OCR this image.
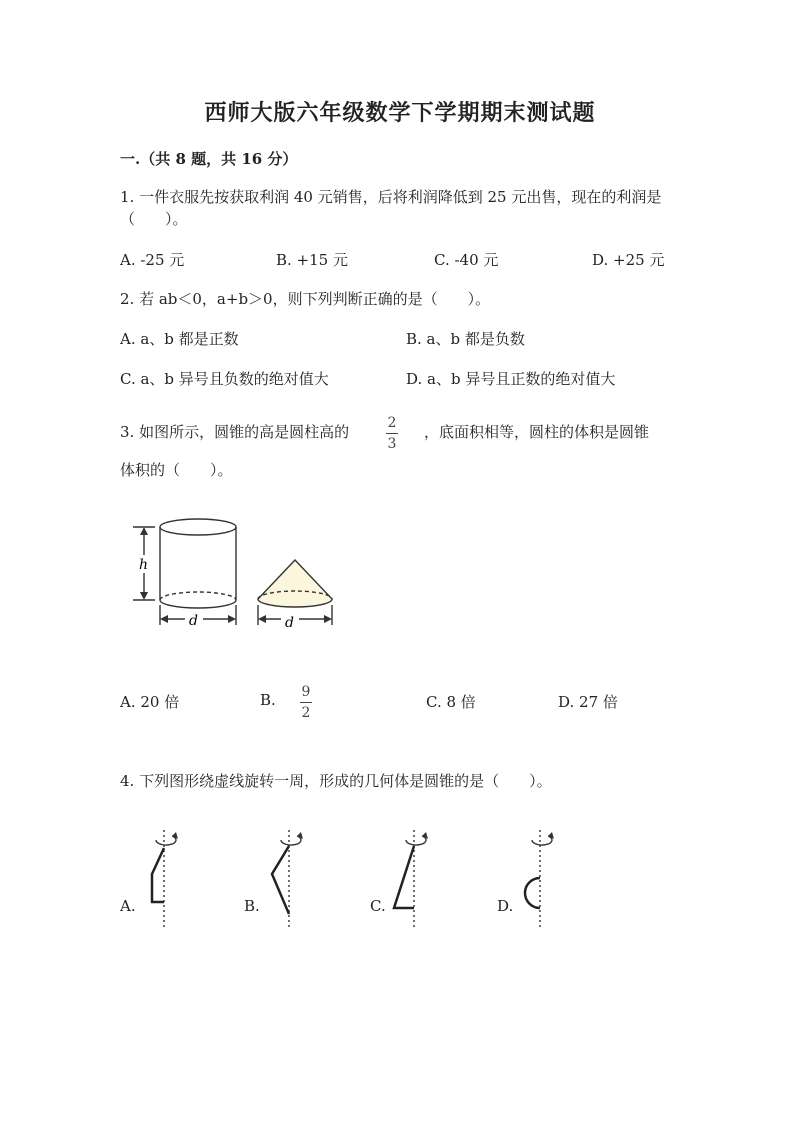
西师大版六年级数学下学期期末测试题
一.（共 8 题，共 16 分）
1. 一件衣服先按获取利润 40 元销售，后将利润降低到 25 元出售，现在的利润是（　　）。
A. -25 元	B. +15 元	C. -40 元	D. +25 元
2. 若 ab＜0，a+b＞0，则下列判断正确的是（　　）。
A. a、b 都是正数	B. a、b 都是负数
C. a、b 异号且负数的绝对值大	D. a、b 异号且正数的绝对值大
3. 如图所示，圆锥的高是圆柱高的	2
3
，底面积相等，圆柱的体积是圆锥
体积的（　　）。
h
d	d
A. 20 倍	B. 9
2
C. 8 倍	D. 27 倍
4. 下列图形绕虚线旋转一周，形成的几何体是圆锥的是（　　）。
A.	B.	C.	D.
